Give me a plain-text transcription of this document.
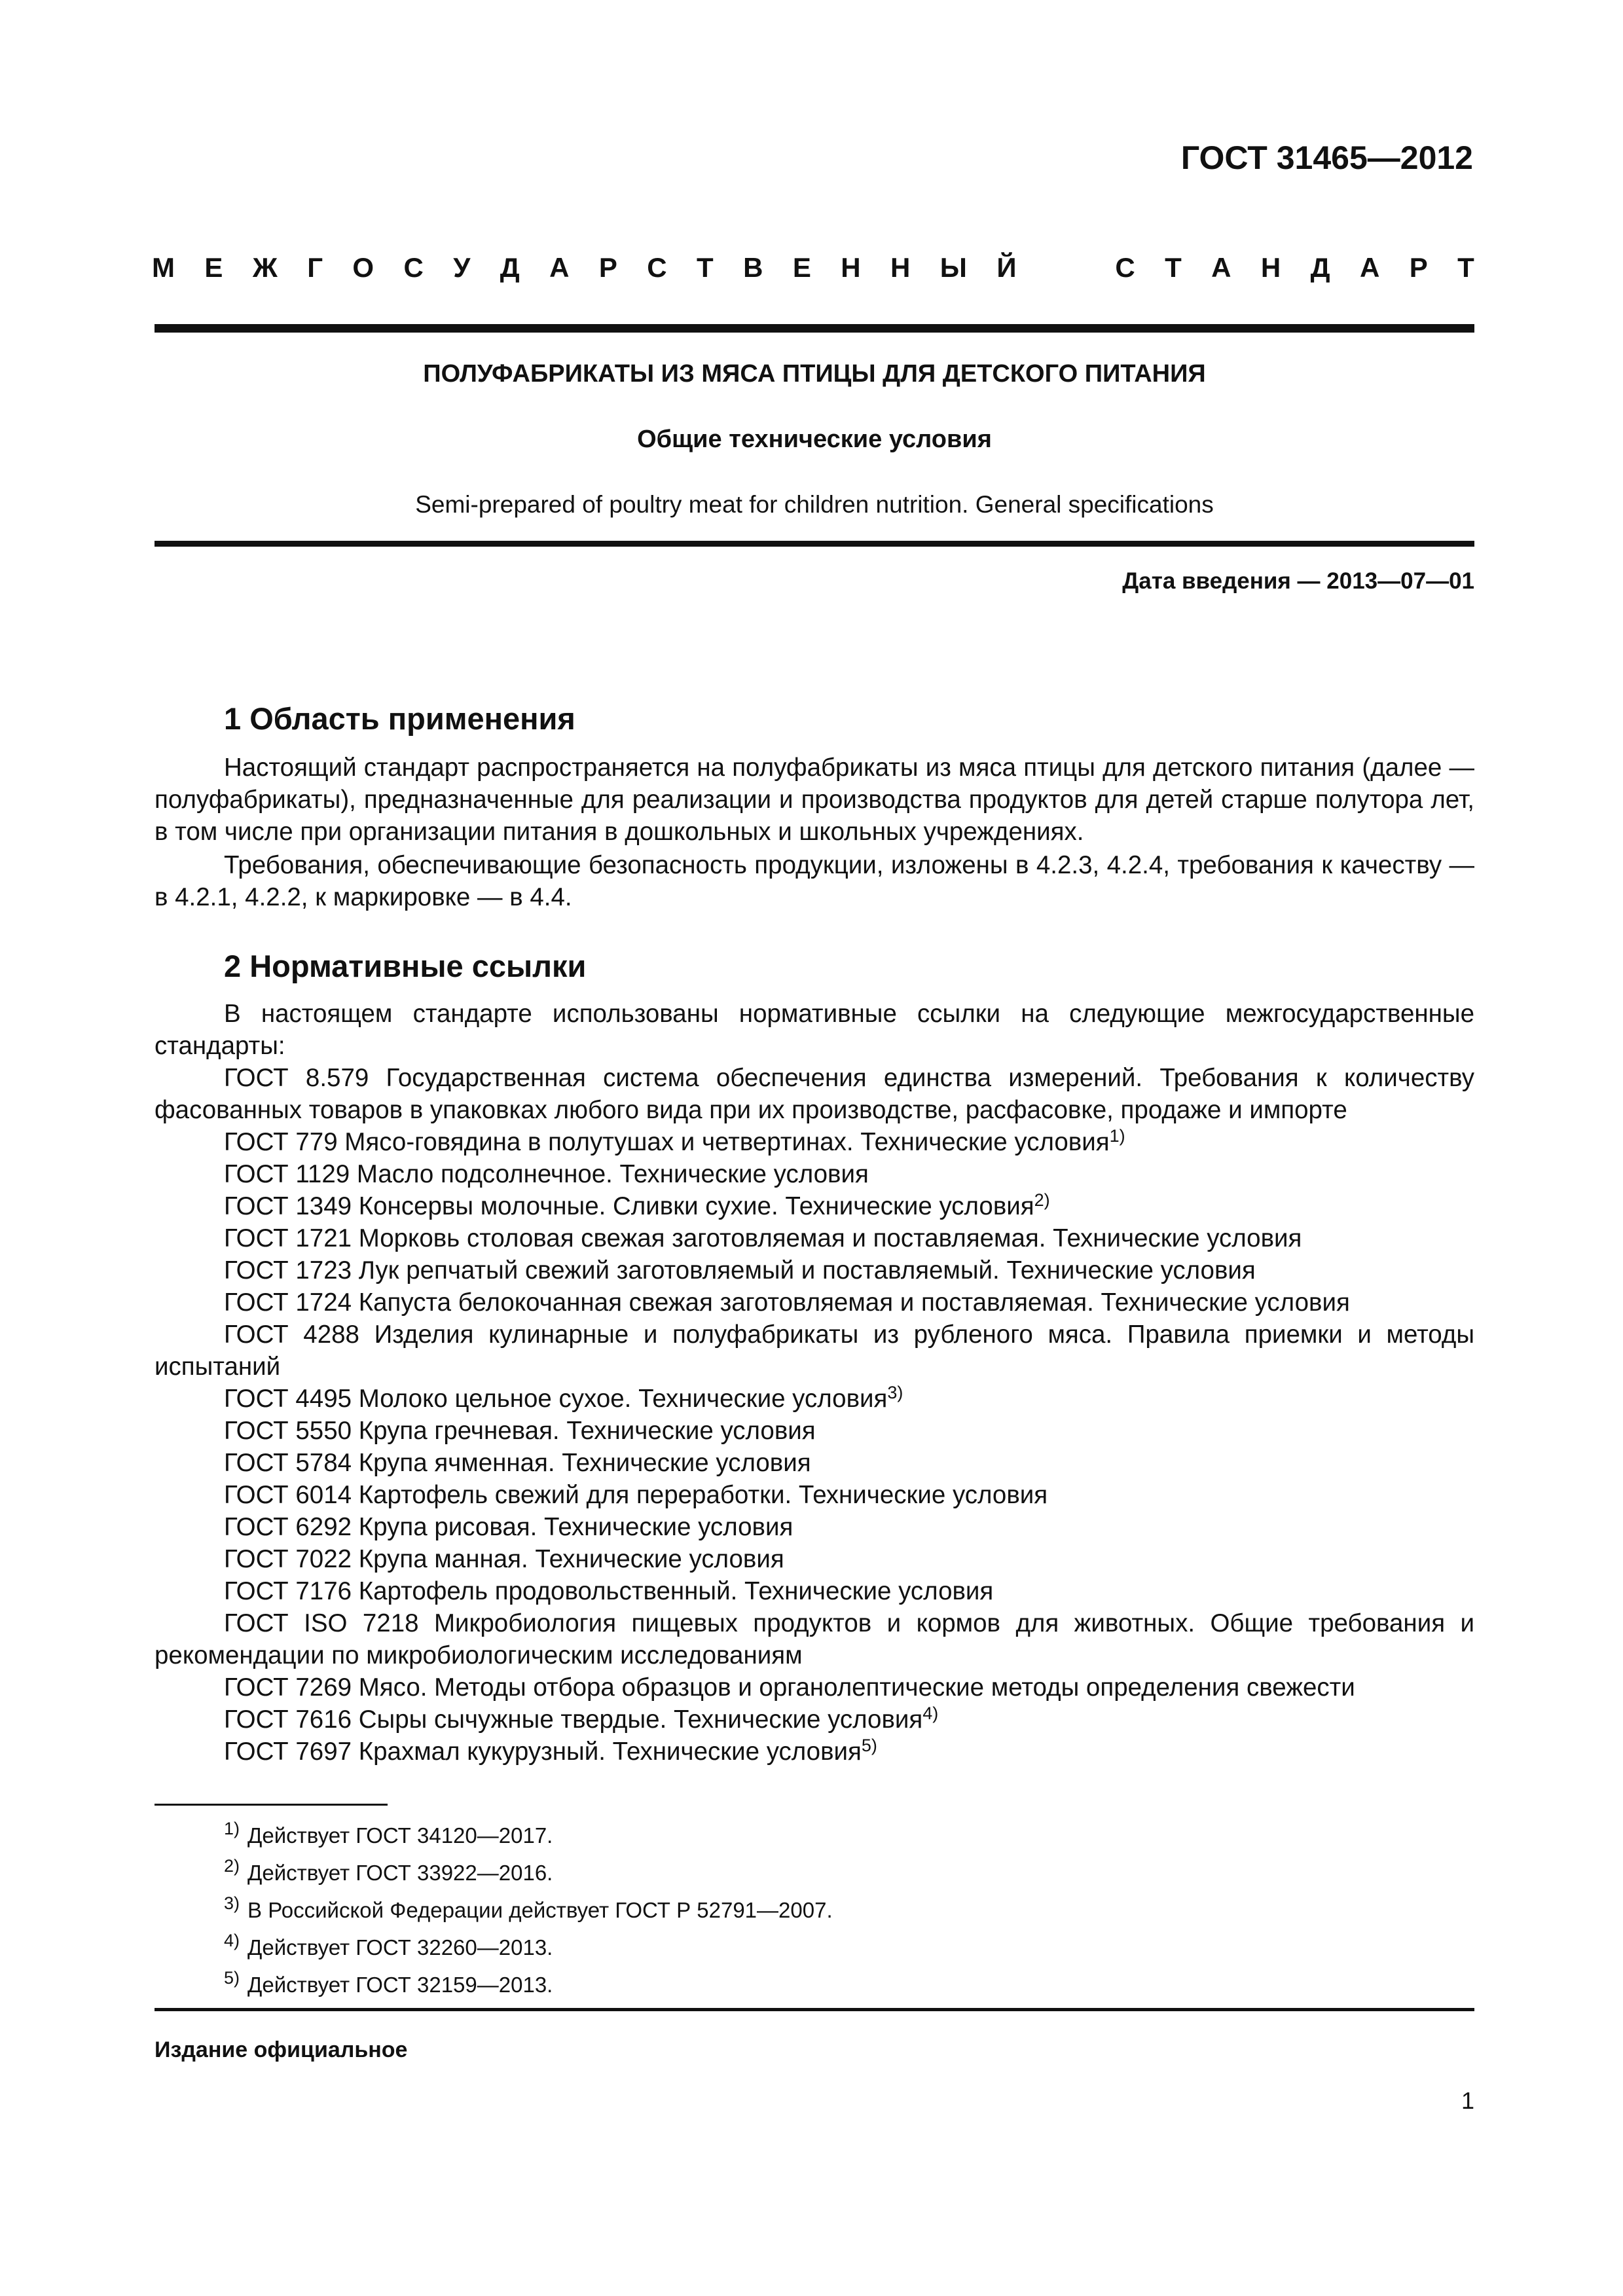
ГОСТ 31465—2012
М Е Ж Г О С У Д А Р С Т В Е Н Н Ы Й	С Т А Н Д А Р Т
ПОЛУФАБРИКАТЫ ИЗ МЯСА ПТИЦЫ ДЛЯ ДЕТСКОГО ПИТАНИЯ
Общие технические условия
Semi-prepared of poultry meat for children nutrition. General specifications
Дата введения — 2013—07—01
1 Область применения
Настоящий стандарт распространяется на полуфабрикаты из мяса птицы для детского питания (далее — полуфабрикаты), предназначенные для реализации и производства продуктов для детей старше полутора лет, в том числе при организации питания в дошкольных и школьных учреждениях.
Требования, обеспечивающие безопасность продукции, изложены в 4.2.3, 4.2.4, требования к качеству — в 4.2.1, 4.2.2, к маркировке — в 4.4.
2 Нормативные ссылки
В настоящем стандарте использованы нормативные ссылки на следующие межгосударственные стандарты:
ГОСТ 8.579 Государственная система обеспечения единства измерений. Требования к количеству фасованных товаров в упаковках любого вида при их производстве, расфасовке, продаже и импорте
ГОСТ 779 Мясо-говядина в полутушах и четвертинах. Технические условия$^{1)}$
ГОСТ 1129 Масло подсолнечное. Технические условия
ГОСТ 1349 Консервы молочные. Сливки сухие. Технические условия$^{2)}$
ГОСТ 1721 Морковь столовая свежая заготовляемая и поставляемая. Технические условия
ГОСТ 1723 Лук репчатый свежий заготовляемый и поставляемый. Технические условия
ГОСТ 1724 Капуста белокочанная свежая заготовляемая и поставляемая. Технические условия
ГОСТ 4288 Изделия кулинарные и полуфабрикаты из рубленого мяса. Правила приемки и методы испытаний
ГОСТ 4495 Молоко цельное сухое. Технические условия$^{3)}$
ГОСТ 5550 Крупа гречневая. Технические условия
ГОСТ 5784 Крупа ячменная. Технические условия
ГОСТ 6014 Картофель свежий для переработки. Технические условия
ГОСТ 6292 Крупа рисовая. Технические условия
ГОСТ 7022 Крупа манная. Технические условия
ГОСТ 7176 Картофель продовольственный. Технические условия
ГОСТ ISO 7218 Микробиология пищевых продуктов и кормов для животных. Общие требования и рекомендации по микробиологическим исследованиям
ГОСТ 7269 Мясо. Методы отбора образцов и органолептические методы определения свежести
ГОСТ 7616 Сыры сычужные твердые. Технические условия$^{4)}$
ГОСТ 7697 Крахмал кукурузный. Технические условия$^{5)}$
$^{1)}$ Действует ГОСТ 34120—2017.
$^{2)}$ Действует ГОСТ 33922—2016.
$^{3)}$ В Российской Федерации действует ГОСТ Р 52791—2007.
$^{4)}$ Действует ГОСТ 32260—2013.
$^{5)}$ Действует ГОСТ 32159—2013.
Издание официальное
1
